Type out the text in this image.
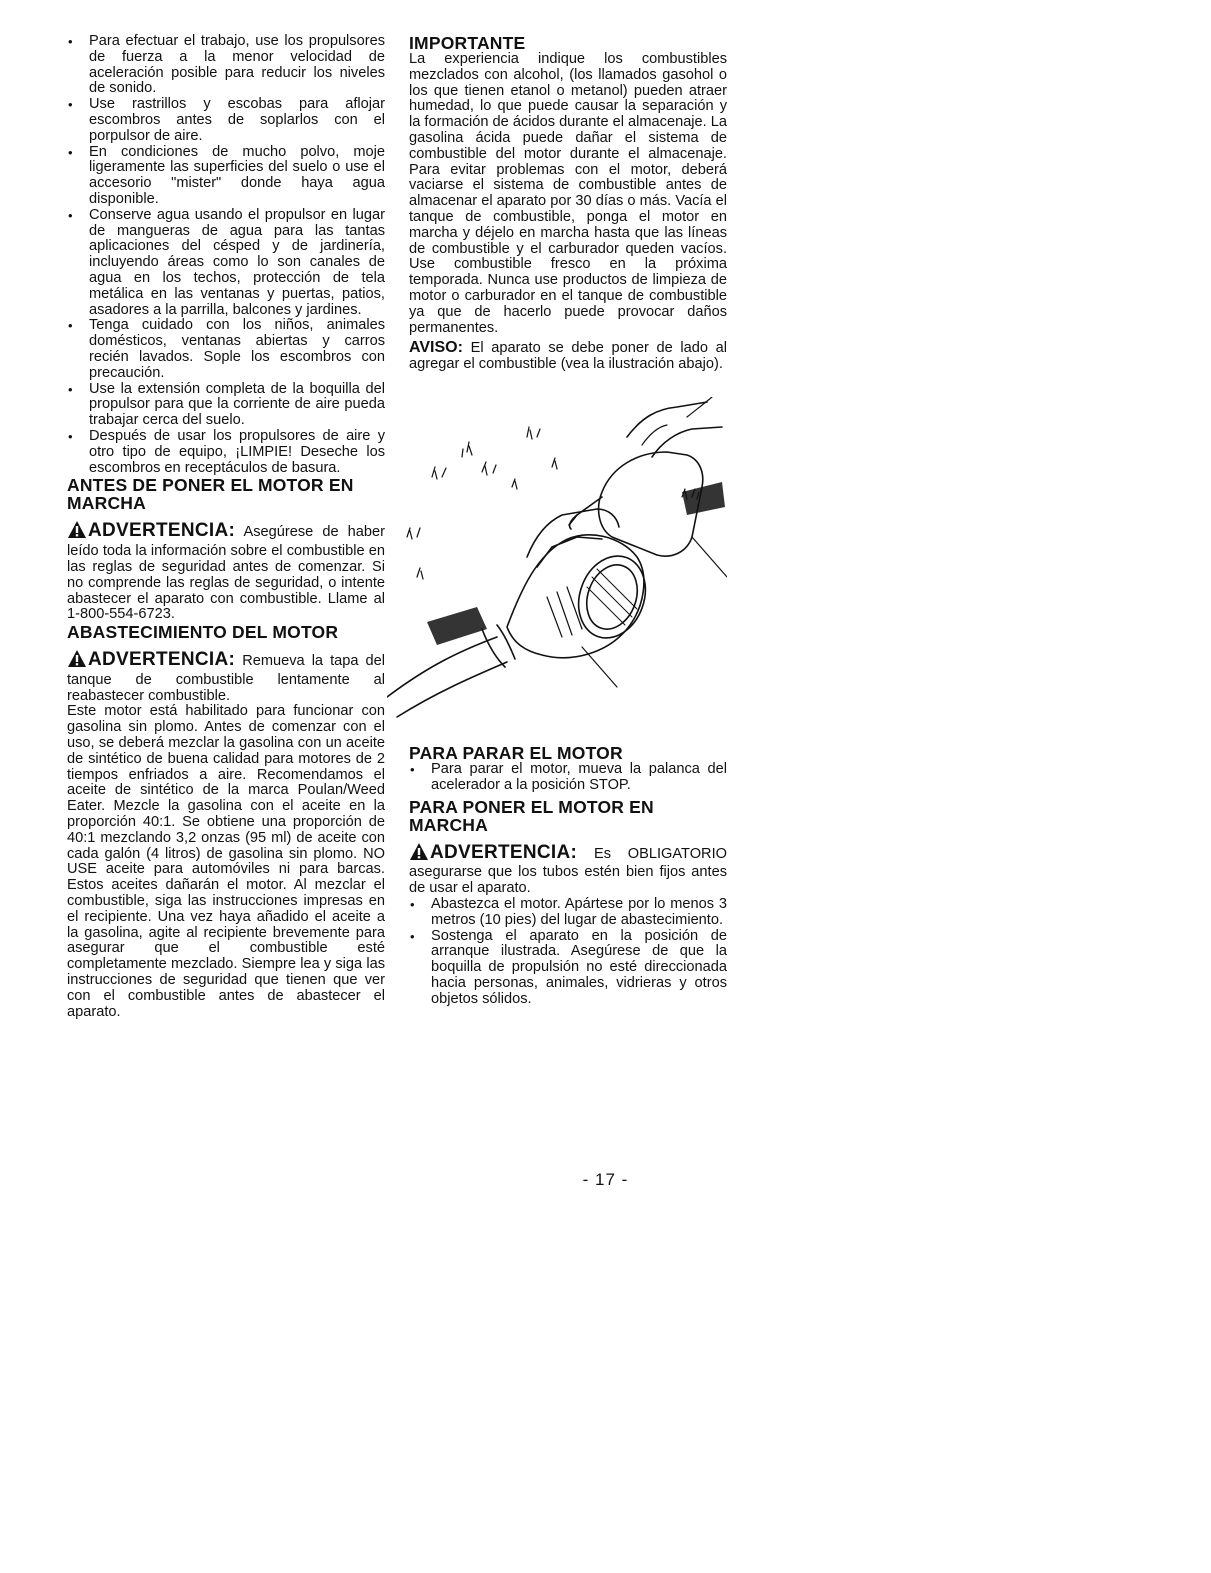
• Para efectuar el trabajo, use los propulsores de fuerza a la menor velocidad de aceleración posible para reducir los niveles de sonido.
• Use rastrillos y escobas para aflojar escombros antes de soplarlos con el porpulsor de aire.
• En condiciones de mucho polvo, moje ligeramente las superficies del suelo o use el accesorio "mister" donde haya agua disponible.
• Conserve agua usando el propulsor en lugar de mangueras de agua para las tantas aplicaciones del césped y de jardinería, incluyendo áreas como lo son canales de agua en los techos, protección de tela metálica en las ventanas y puertas, patios, asadores a la parrilla, balcones y jardines.
• Tenga cuidado con los niños, animales domésticos, ventanas abiertas y carros recién lavados. Sople los escombros con precaución.
• Use la extensión completa de la boquilla del propulsor para que la corriente de aire pueda trabajar cerca del suelo.
• Después de usar los propulsores de aire y otro tipo de equipo, ¡LIMPIE! Deseche los escombros en receptáculos de basura.
ANTES DE PONER EL MOTOR EN MARCHA
ADVERTENCIA: Asegúrese de haber leído toda la información sobre el combustible en las reglas de seguridad antes de comenzar. Si no comprende las reglas de seguridad, o intente abastecer el aparato con combustible. Llame al 1-800-554-6723.
ABASTECIMIENTO DEL MOTOR
ADVERTENCIA: Remueva la tapa del tanque de combustible lentamente al reabastecer combustible.

Este motor está habilitado para funcionar con gasolina sin plomo. Antes de comenzar con el uso, se deberá mezclar la gasolina con un aceite de sintético de buena calidad para motores de 2 tiempos enfriados a aire. Recomendamos el aceite de sintético de la marca Poulan/Weed Eater. Mezcle la gasolina con el aceite en la proporción 40:1. Se obtiene una proporción de 40:1 mezclando 3,2 onzas (95 ml) de aceite con cada galón (4 litros) de gasolina sin plomo. NO USE aceite para automóviles ni para barcas. Estos aceites dañarán el motor. Al mezclar el combustible, siga las instrucciones impresas en el recipiente. Una vez haya añadido el aceite a la gasolina, agite al recipiente brevemente para asegurar que el combustible esté completamente mezclado. Siempre lea y siga las instrucciones de seguridad que tienen que ver con el combustible antes de abastecer el aparato.

IMPORTANTE

La experiencia indique los combustibles mezclados con alcohol, (los llamados gasohol o los que tienen etanol o metanol) pueden atraer humedad, lo que puede causar la separación y la formación de ácidos durante el almacenaje. La gasolina ácida puede dañar el sistema de combustible del motor durante el almacenaje. Para evitar problemas con el motor, deberá vaciarse el sistema de combustible antes de almacenar el aparato por 30 días o más. Vacía el tanque de combustible, ponga el motor en marcha y déjelo en marcha hasta que las líneas de combustible y el carburador queden vacíos. Use combustible fresco en la próxima temporada. Nunca use productos de limpieza de motor o carburador en el tanque de combustible ya que de hacerlo puede provocar daños permanentes.

AVISO: El aparato se debe poner de lado al agregar el combustible (vea la ilustración abajo).

PARA PARAR EL MOTOR
• Para parar el motor, mueva la palanca del acelerador a la posición STOP.
PARA PONER EL MOTOR EN MARCHA
ADVERTENCIA: Es OBLIGATORIO asegurarse que los tubos estén bien fijos antes de usar el aparato.
• Abastezca el motor. Apártese por lo menos 3 metros (10 pies) del lugar de abastecimiento.
• Sostenga el aparato en la posición de arranque ilustrada. Asegúrese de que la boquilla de propulsión no esté direccionada hacia personas, animales, vidrieras y otros objetos sólidos.
- 17 -
